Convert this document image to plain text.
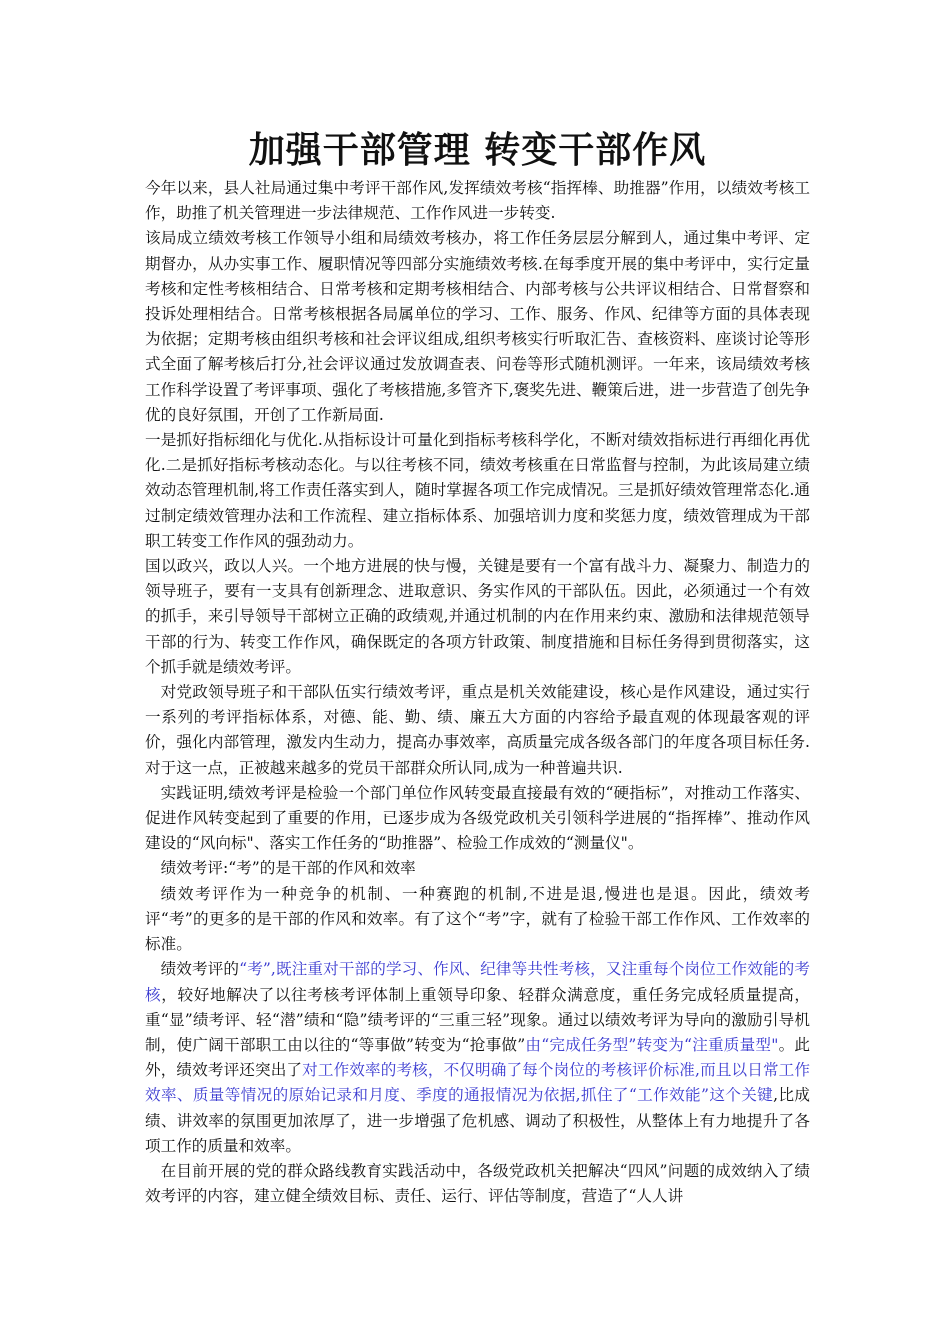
加强干部管理 转变干部作风

今年以来，县人社局通过集中考评干部作风,发挥绩效考核“指挥棒、助推器”作用，以绩效考核工作，助推了机关管理进一步法律规范、工作作风进一步转变.

该局成立绩效考核工作领导小组和局绩效考核办，将工作任务层层分解到人，通过集中考评、定期督办，从办实事工作、履职情况等四部分实施绩效考核.在每季度开展的集中考评中，实行定量考核和定性考核相结合、日常考核和定期考核相结合、内部考核与公共评议相结合、日常督察和投诉处理相结合。日常考核根据各局属单位的学习、工作、服务、作风、纪律等方面的具体表现为依据；定期考核由组织考核和社会评议组成,组织考核实行听取汇告、查核资料、座谈讨论等形式全面了解考核后打分,社会评议通过发放调查表、问卷等形式随机测评。一年来，该局绩效考核工作科学设置了考评事项、强化了考核措施,多管齐下,褒奖先进、鞭策后进，进一步营造了创先争优的良好氛围，开创了工作新局面.

一是抓好指标细化与优化.从指标设计可量化到指标考核科学化，不断对绩效指标进行再细化再优化.二是抓好指标考核动态化。与以往考核不同，绩效考核重在日常监督与控制，为此该局建立绩效动态管理机制,将工作责任落实到人，随时掌握各项工作完成情况。三是抓好绩效管理常态化.通过制定绩效管理办法和工作流程、建立指标体系、加强培训力度和奖惩力度，绩效管理成为干部职工转变工作作风的强劲动力。

国以政兴，政以人兴。一个地方进展的快与慢，关键是要有一个富有战斗力、凝聚力、制造力的领导班子，要有一支具有创新理念、进取意识、务实作风的干部队伍。因此，必须通过一个有效的抓手，来引导领导干部树立正确的政绩观,并通过机制的内在作用来约束、激励和法律规范领导干部的行为、转变工作作风，确保既定的各项方针政策、制度措施和目标任务得到贯彻落实，这个抓手就是绩效考评。

对党政领导班子和干部队伍实行绩效考评，重点是机关效能建设，核心是作风建设，通过实行一系列的考评指标体系，对德、能、勤、绩、廉五大方面的内容给予最直观的体现最客观的评价，强化内部管理，激发内生动力，提高办事效率，高质量完成各级各部门的年度各项目标任务.对于这一点，正被越来越多的党员干部群众所认同,成为一种普遍共识.

实践证明,绩效考评是检验一个部门单位作风转变最直接最有效的“硬指标”，对推动工作落实、促进作风转变起到了重要的作用，已逐步成为各级党政机关引领科学进展的“指挥棒”、推动作风建设的“风向标"、落实工作任务的“助推器”、检验工作成效的“测量仪"。

绩效考评:“考”的是干部的作风和效率

绩效考评作为一种竞争的机制、一种赛跑的机制,不进是退,慢进也是退。因此，绩效考评“考”的更多的是干部的作风和效率。有了这个“考”字，就有了检验干部工作作风、工作效率的标准。

绩效考评的“考”,既注重对干部的学习、作风、纪律等共性考核，又注重每个岗位工作效能的考核，较好地解决了以往考核考评体制上重领导印象、轻群众满意度，重任务完成轻质量提高，重“显”绩考评、轻“潜”绩和“隐”绩考评的“三重三轻”现象。通过以绩效考评为导向的激励引导机制，使广阔干部职工由以往的“等事做”转变为“抢事做”由“完成任务型”转变为“注重质量型"。此外，绩效考评还突出了对工作效率的考核，不仅明确了每个岗位的考核评价标准,而且以日常工作效率、质量等情况的原始记录和月度、季度的通报情况为依据,抓住了“工作效能”这个关键,比成绩、讲效率的氛围更加浓厚了，进一步增强了危机感、调动了积极性，从整体上有力地提升了各项工作的质量和效率。

在目前开展的党的群众路线教育实践活动中，各级党政机关把解决“四风”问题的成效纳入了绩效考评的内容，建立健全绩效目标、责任、运行、评估等制度，营造了“人人讲
